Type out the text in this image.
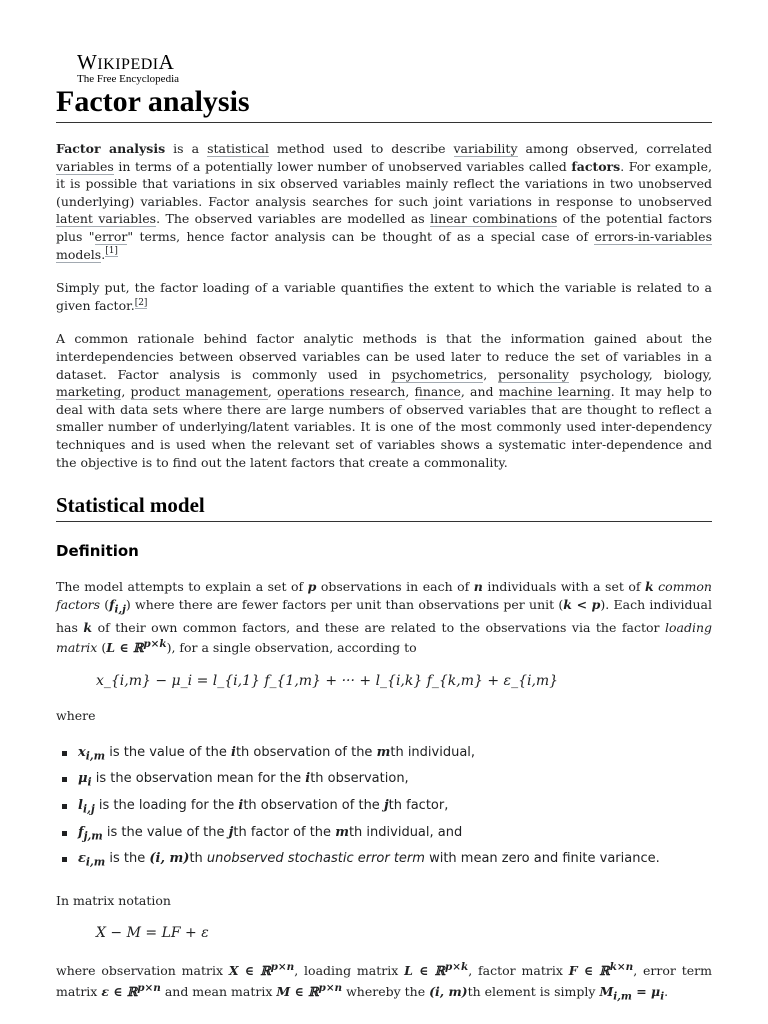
WIKIPEDIA
The Free Encyclopedia
Factor analysis

Factor analysis is a statistical method used to describe variability among observed, correlated variables in terms of a potentially lower number of unobserved variables called factors. For example, it is possible that variations in six observed variables mainly reflect the variations in two unobserved (underlying) variables. Factor analysis searches for such joint variations in response to unobserved latent variables. The observed variables are modelled as linear combinations of the potential factors plus "error" terms, hence factor analysis can be thought of as a special case of errors-in-variables models.[1]

Simply put, the factor loading of a variable quantifies the extent to which the variable is related to a given factor.[2]

A common rationale behind factor analytic methods is that the information gained about the interdependencies between observed variables can be used later to reduce the set of variables in a dataset. Factor analysis is commonly used in psychometrics, personality psychology, biology, marketing, product management, operations research, finance, and machine learning. It may help to deal with data sets where there are large numbers of observed variables that are thought to reflect a smaller number of underlying/latent variables. It is one of the most commonly used inter-dependency techniques and is used when the relevant set of variables shows a systematic inter-dependence and the objective is to find out the latent factors that create a commonality.

Statistical model
Definition

The model attempts to explain a set of p observations in each of n individuals with a set of k common factors $(f_{i,j})$ where there are fewer factors per unit than observations per unit (k < p). Each individual has k of their own common factors, and these are related to the observations via the factor loading matrix (L ∈ ℝ$^{p\times k}$), for a single observation, according to

x_{i,m} − μ_i = l_{i,1} f_{1,m} + ··· + l_{i,k} f_{k,m} + ε_{i,m}

where

$x_{i,m}$ is the value of the ith observation of the mth individual,
$\mu_i$ is the observation mean for the ith observation,
$l_{i,j}$ is the loading for the ith observation of the jth factor,
$f_{j,m}$ is the value of the jth factor of the mth individual, and
$\varepsilon_{i,m}$ is the (i, m)th unobserved stochastic error term with mean zero and finite variance.

In matrix notation

X − M = LF + ε

where observation matrix X ∈ ℝ$^{p\times n}$, loading matrix L ∈ ℝ$^{p\times k}$, factor matrix F ∈ ℝ$^{k\times n}$, error term matrix ε ∈ ℝ$^{p\times n}$ and mean matrix M ∈ ℝ$^{p\times n}$ whereby the (i, m)th element is simply $M_{i,m} = \mu_i$.
